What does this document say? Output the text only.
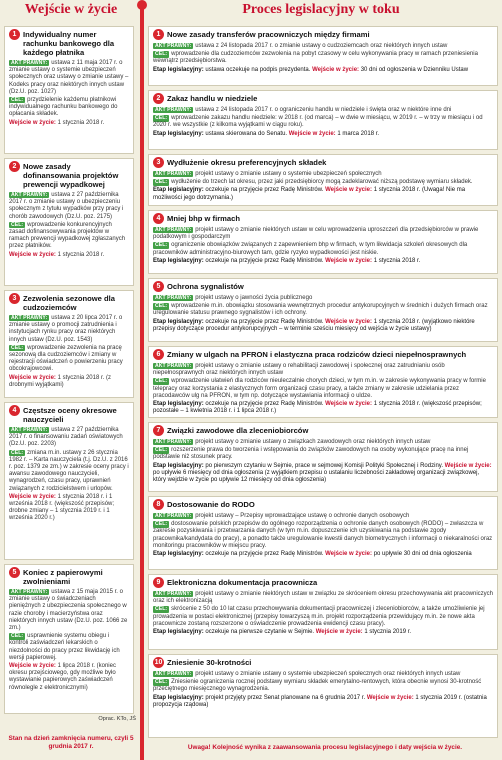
Wejście w życie	Proces legislacyjny w toku
1 Indywidualny numer rachunku bankowego dla każdego płatnika
AKT PRAWNY: ustawa z 11 maja 2017 r. o zmianie ustawy o systemie ubezpieczeń społecznych oraz ustawy o zmianie ustawy – Kodeks pracy oraz niektórych innych ustaw (Dz.U. poz. 1027)
CEL: przydzielenie każdemu płatnikowi indywidualnego rachunku bankowego do opłacania składek.
Wejście w życie: 1 stycznia 2018 r.
2 Nowe zasady dofinansowania projektów prewencji wypadkowej
AKT PRAWNY: ustawa z 27 października 2017 r. o zmianie ustawy o ubezpieczeniu społecznym z tytułu wypadków przy pracy i chorób zawodowych (Dz.U. poz. 2175)
CEL: wprowadzenie konkurencyjnych zasad dofinansowywania projektów w ramach prewencji wypadkowej zgłaszanych przez płatników.
Wejście w życie: 1 stycznia 2018 r.
3 Zezwolenia sezonowe dla cudzoziemców
AKT PRAWNY: ustawa z 20 lipca 2017 r. o zmianie ustawy o promocji zatrudnienia i instytucjach rynku pracy oraz niektórych innych ustaw (Dz.U. poz. 1543)
CEL: wprowadzenie zezwolenia na pracę sezonową dla cudzoziemców i zmiany w rejestracji oświadczeń o powierzeniu pracy obcokrajowcowi.
Wejście w życie: 1 stycznia 2018 r. (z drobnymi wyjątkami)
4 Częstsze oceny okresowe nauczycieli
AKT PRAWNY: ustawa z 27 października 2017 r. o finansowaniu zadań oświatowych (Dz.U. poz. 2203)
CEL: zmiana m.in. ustawy z 26 stycznia 1982 r. – Karta nauczyciela (t.j. Dz.U. z 2016 r. poz. 1379 ze zm.) w zakresie oceny pracy i awansu zawodowego nauczycieli, wynagrodzeń, czasu pracy, uprawnień związanych z rodzicielstwem i urlopów.
Wejście w życie: 1 stycznia 2018 r. i 1 września 2018 r. (większość przepisów; drobne zmiany – 1 stycznia 2019 r. i 1 września 2020 r.)
5 Koniec z papierowymi zwolnieniami
AKT PRAWNY: ustawa z 15 maja 2015 r. o zmianie ustawy o świadczeniach pieniężnych z ubezpieczenia społecznego w razie choroby i macierzyństwa oraz niektórych innych ustaw (Dz.U. poz. 1066 ze zm.)
CEL: usprawnienie systemu obiegu i kontroli zaświadczeń lekarskich o niezdolności do pracy przez likwidację ich wersji papierowej.
Wejście w życie: 1 lipca 2018 r. (koniec okresu przejściowego, gdy możliwe było wystawianie papierowych zaświadczeń równolegle z elektronicznymi)
Oprac. KTo, JŚ
Stan na dzień zamknięcia numeru, czyli 5 grudnia 2017 r.
1 Nowe zasady transferów pracowniczych między firmami
AKT PRAWNY: ustawa z 24 listopada 2017 r. o zmianie ustawy o cudzoziemcach oraz niektórych innych ustaw
CEL: wprowadzenie dla cudzoziemców zezwolenia na pobyt czasowy w celu wykonywania pracy w ramach przeniesienia wewnątrz przedsiębiorstwa.
Etap legislacyjny: ustawa oczekuje na podpis prezydenta. Wejście w życie: 30 dni od ogłoszenia w Dzienniku Ustaw
2 Zakaz handlu w niedziele
AKT PRAWNY: ustawa z 24 listopada 2017 r. o ograniczeniu handlu w niedziele i święta oraz w niektóre inne dni
CEL: wprowadzenie zakazu handlu niedziele: w 2018 r. (od marca) – w dwie w miesiącu, w 2019 r. – w trzy w miesiącu i od 2020 r. we wszystkie (z kilkoma wyjątkami w ciągu roku).
Etap legislacyjny: ustawa skierowana do Senatu. Wejście w życie: 1 marca 2018 r.
3 Wydłużenie okresu preferencyjnych składek
AKT PRAWNY: projekt ustawy o zmianie ustawy o systemie ubezpieczeń społecznych
CEL: wydłużenie do trzech lat okresu, przez jaki przedsiębiorcy mogą zadeklarować niższą podstawę wymiaru składek.
Etap legislacyjny: oczekuje na przyjęcie przez Radę Ministrów. Wejście w życie: 1 stycznia 2018 r. (Uwaga! Nie ma możliwości jego dotrzymania.)
4 Mniej bhp w firmach
AKT PRAWNY: projekt ustawy o zmianie niektórych ustaw w celu wprowadzenia uproszczeń dla przedsiębiorców w prawie podatkowym i gospodarczym
CEL: ograniczenie obowiązków związanych z zapewnieniem bhp w firmach, w tym likwidacja szkoleń okresowych dla pracowników administracyjno-biurowych tam, gdzie ryzyko wypadkowości jest niskie.
Etap legislacyjny: oczekuje na przyjęcie przez Radę Ministrów. Wejście w życie: 1 stycznia 2018 r.
5 Ochrona sygnalistów
AKT PRAWNY: projekt ustawy o jawności życia publicznego
CEL: wprowadzenie m.in. obowiązku stosowania wewnętrznych procedur antykorupcyjnych w średnich i dużych firmach oraz uregulowanie statusu prawnego sygnalistów i ich ochrony.
Etap legislacyjny: oczekuje na przyjęcie przez Radę Ministrów. Wejście w życie: 1 stycznia 2018 r. (wyjątkowo niektóre przepisy dotyczące procedur antykorupcyjnych – w terminie sześciu miesięcy od wejścia w życie ustawy)
6 Zmiany w ulgach na PFRON i elastyczna praca rodziców dzieci niepełnosprawnych
AKT PRAWNY: projekt ustawy o zmianie ustawy o rehabilitacji zawodowej i społecznej oraz zatrudnianiu osób niepełnosprawnych oraz niektórych innych ustaw
CEL: wprowadzenie ułatwień dla rodziców nieuleczalnie chorych dzieci, w tym m.in. w zakresie wykonywania pracy w formie telepracy oraz korzystania z elastycznych form organizacji czasu pracy, a także zmiany w zakresie udzielania przez pracodawców ulg na PFRON, w tym np. dotyczące wystawiania informacji o uldze.
Etap legislacyjny: oczekuje na przyjęcie przez Radę Ministrów. Wejście w życie: 1 stycznia 2018 r. (większość przepisów; pozostałe – 1 kwietnia 2018 r. i 1 lipca 2018 r.)
7 Związki zawodowe dla zleceniobiorców
AKT PRAWNY: projekt ustawy o zmianie ustawy o związkach zawodowych oraz niektórych innych ustaw
CEL: rozszerzenie prawa do tworzenia i wstępowania do związków zawodowych na osoby wykonujące pracę na innej podstawie niż stosunek pracy.
Etap legislacyjny: po pierwszym czytaniu w Sejmie, prace w sejmowej Komisji Polityki Społecznej i Rodziny. Wejście w życie: po upływie 6 miesięcy od dnia ogłoszenia (z wyjątkiem przepisu o ustalaniu liczebności zakładowej organizacji związkowej, który wejdzie w życie po upływie 12 miesięcy od dnia ogłoszenia)
8 Dostosowanie do RODO
AKT PRAWNY: projekt ustawy – Przepisy wprowadzające ustawę o ochronie danych osobowych
CEL: dostosowanie polskich przepisów do ogólnego rozporządzenia o ochronie danych osobowych (RODO) – zwłaszcza w zakresie pozyskiwania i przetwarzania danych (w tym m.in. dopuszczenie ich uzyskiwania na podstawie zgody pracownika/kandydata do pracy), a ponadto także uregulowanie kwestii danych biometrycznych i informacji o niekaralności oraz monitoringu pracowników w miejscu pracy.
Etap legislacyjny: oczekuje na przyjęcie przez Radę Ministrów. Wejście w życie: po upływie 30 dni od dnia ogłoszenia
9 Elektroniczna dokumentacja pracownicza
AKT PRAWNY: projekt ustawy o zmianie niektórych ustaw w związku ze skróceniem okresu przechowywania akt pracowniczych oraz ich elektronizacją
CEL: skrócenie z 50 do 10 lat czasu przechowywania dokumentacji pracowniczej i zleceniobiorców, a także umożliwienie jej prowadzenia w postaci elektronicznej (przepisy towarzyszą m.in. projekt rozporządzenia przewidujący m.in. że nowe akta pracownicze zostaną rozszerzone o oświadczenie prowadzenia ewidencji czasu pracy).
Etap legislacyjny: oczekuje na pierwsze czytanie w Sejmie. Wejście w życie: 1 stycznia 2019 r.
10 Zniesienie 30-krotności
AKT PRAWNY: projekt ustawy o zmianie ustawy o systemie ubezpieczeń społecznych oraz niektórych innych ustaw
CEL: Zniesienie ograniczenia rocznej podstawy wymiaru składek emerytalno-rentowych, która obecnie wynosi 30-krotność przeciętnego miesięcznego wynagrodzenia.
Etap legislacyjny: projekt przyjęty przez Senat planowane na 6 grudnia 2017 r. Wejście w życie: 1 stycznia 2019 r. (ostatnia propozycja rządowa)
Uwaga! Kolejność wynika z zaawansowania procesu legislacyjnego i daty wejścia w życie.
